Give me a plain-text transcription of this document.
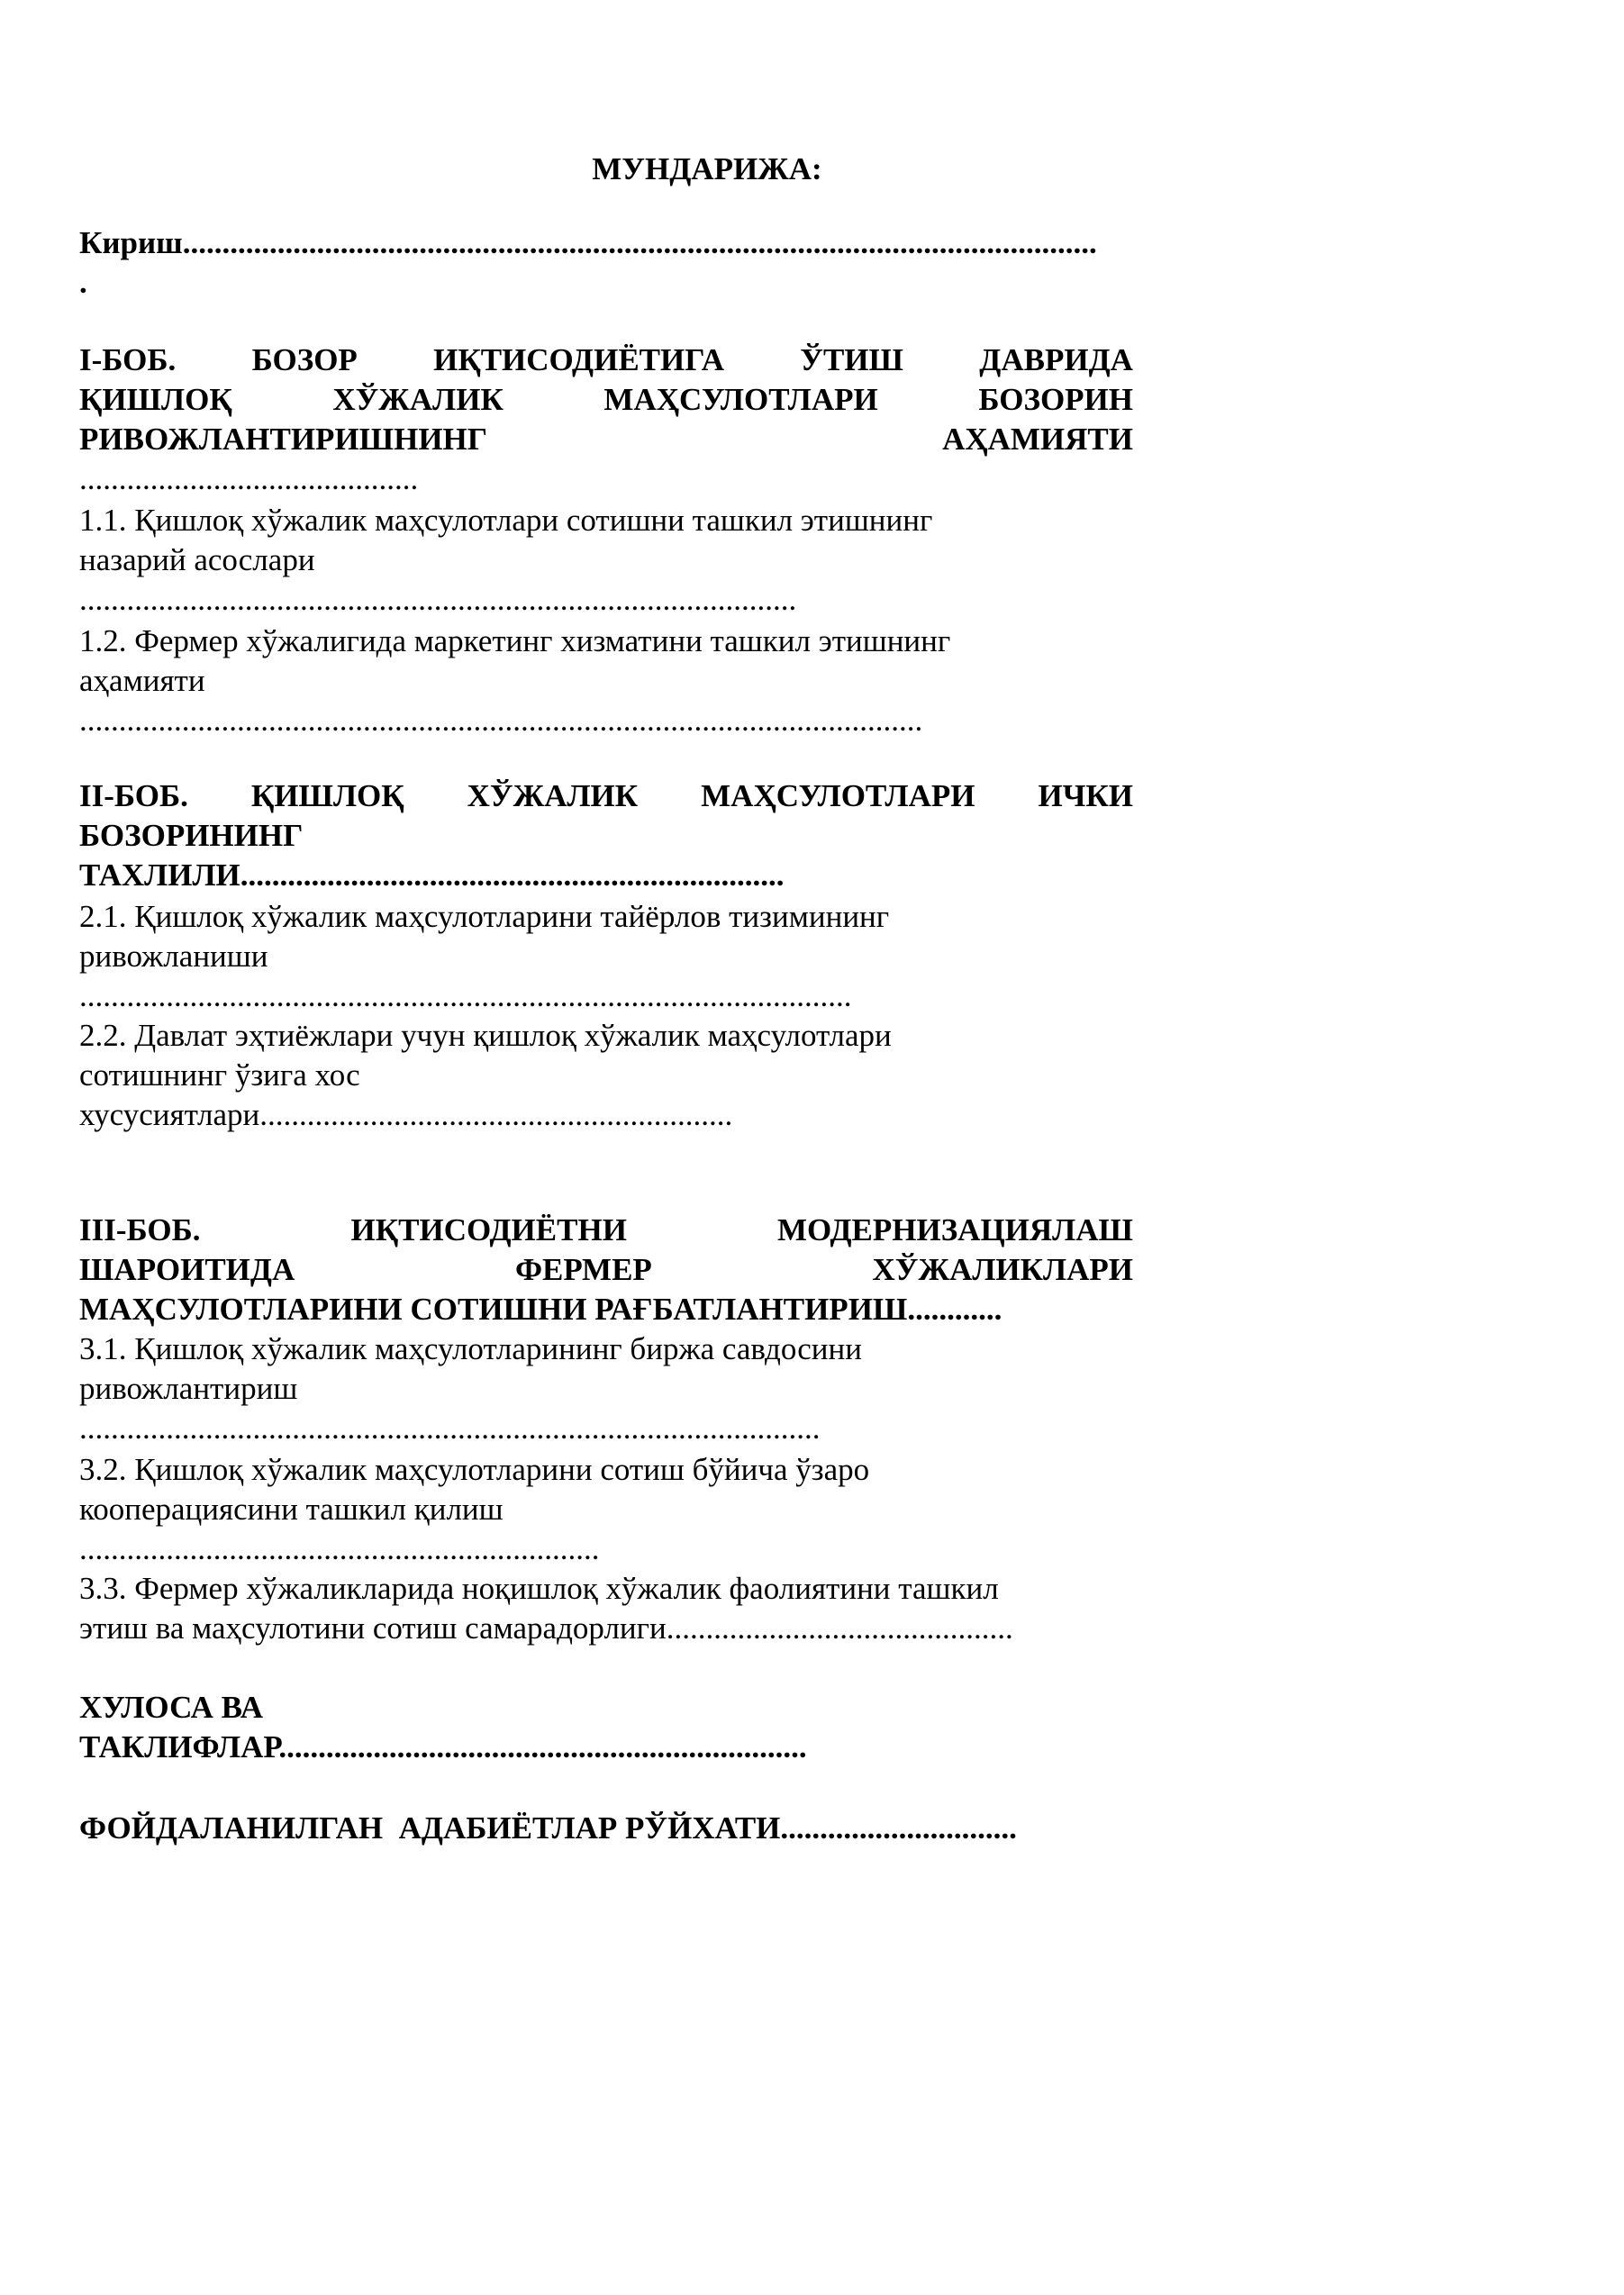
МУНДАРИЖА:

Кириш....................................................................................................................

.

I-БОБ. БОЗОР ИҚТИСОДИЁТИГА ЎТИШ ДАВРИДА

ҚИШЛОҚ	ХЎЖАЛИК	МАҲСУЛОТЛАРИ	БОЗОРИН

РИВОЖЛАНТИРИШНИНГ	АҲАМИЯТИ

...........................................

1.1. Қишлоқ хўжалик маҳсулотлари сотишни ташкил этишнинг

назарий асослари

...........................................................................................

1.2. Фермер хўжалигида маркетинг хизматини ташкил этишнинг

аҳамияти

...........................................................................................................

II-БОБ. ҚИШЛОҚ ХЎЖАЛИК МАҲСУЛОТЛАРИ ИЧКИ

БОЗОРИНИНГ

ТАХЛИЛИ.....................................................................

2.1. Қишлоқ хўжалик маҳсулотларини тайёрлов тизимининг

ривожланиши

..................................................................................................

2.2. Давлат эҳтиёжлари учун қишлоқ хўжалик маҳсулотлари

сотишнинг ўзига хос

хусусиятлари............................................................

III-БОБ.	ИҚТИСОДИЁТНИ	МОДЕРНИЗАЦИЯЛАШ

ШАРОИТИДА	ФЕРМЕР	ХЎЖАЛИКЛАРИ

МАҲСУЛОТЛАРИНИ СОТИШНИ РАҒБАТЛАНТИРИШ............

3.1. Қишлоқ хўжалик маҳсулотларининг биржа савдосини

ривожлантириш

..............................................................................................

3.2. Қишлоқ хўжалик маҳсулотларини сотиш бўйича ўзаро

кооперациясини ташкил қилиш

..................................................................

3.3. Фермер хўжаликларида ноқишлоқ хўжалик фаолиятини ташкил

этиш ва маҳсулотини сотиш самарадорлиги............................................

ХУЛОСА ВА

ТАКЛИФЛАР...................................................................

ФОЙДАЛАНИЛГАН  АДАБИЁТЛАР РЎЙХАТИ..............................
